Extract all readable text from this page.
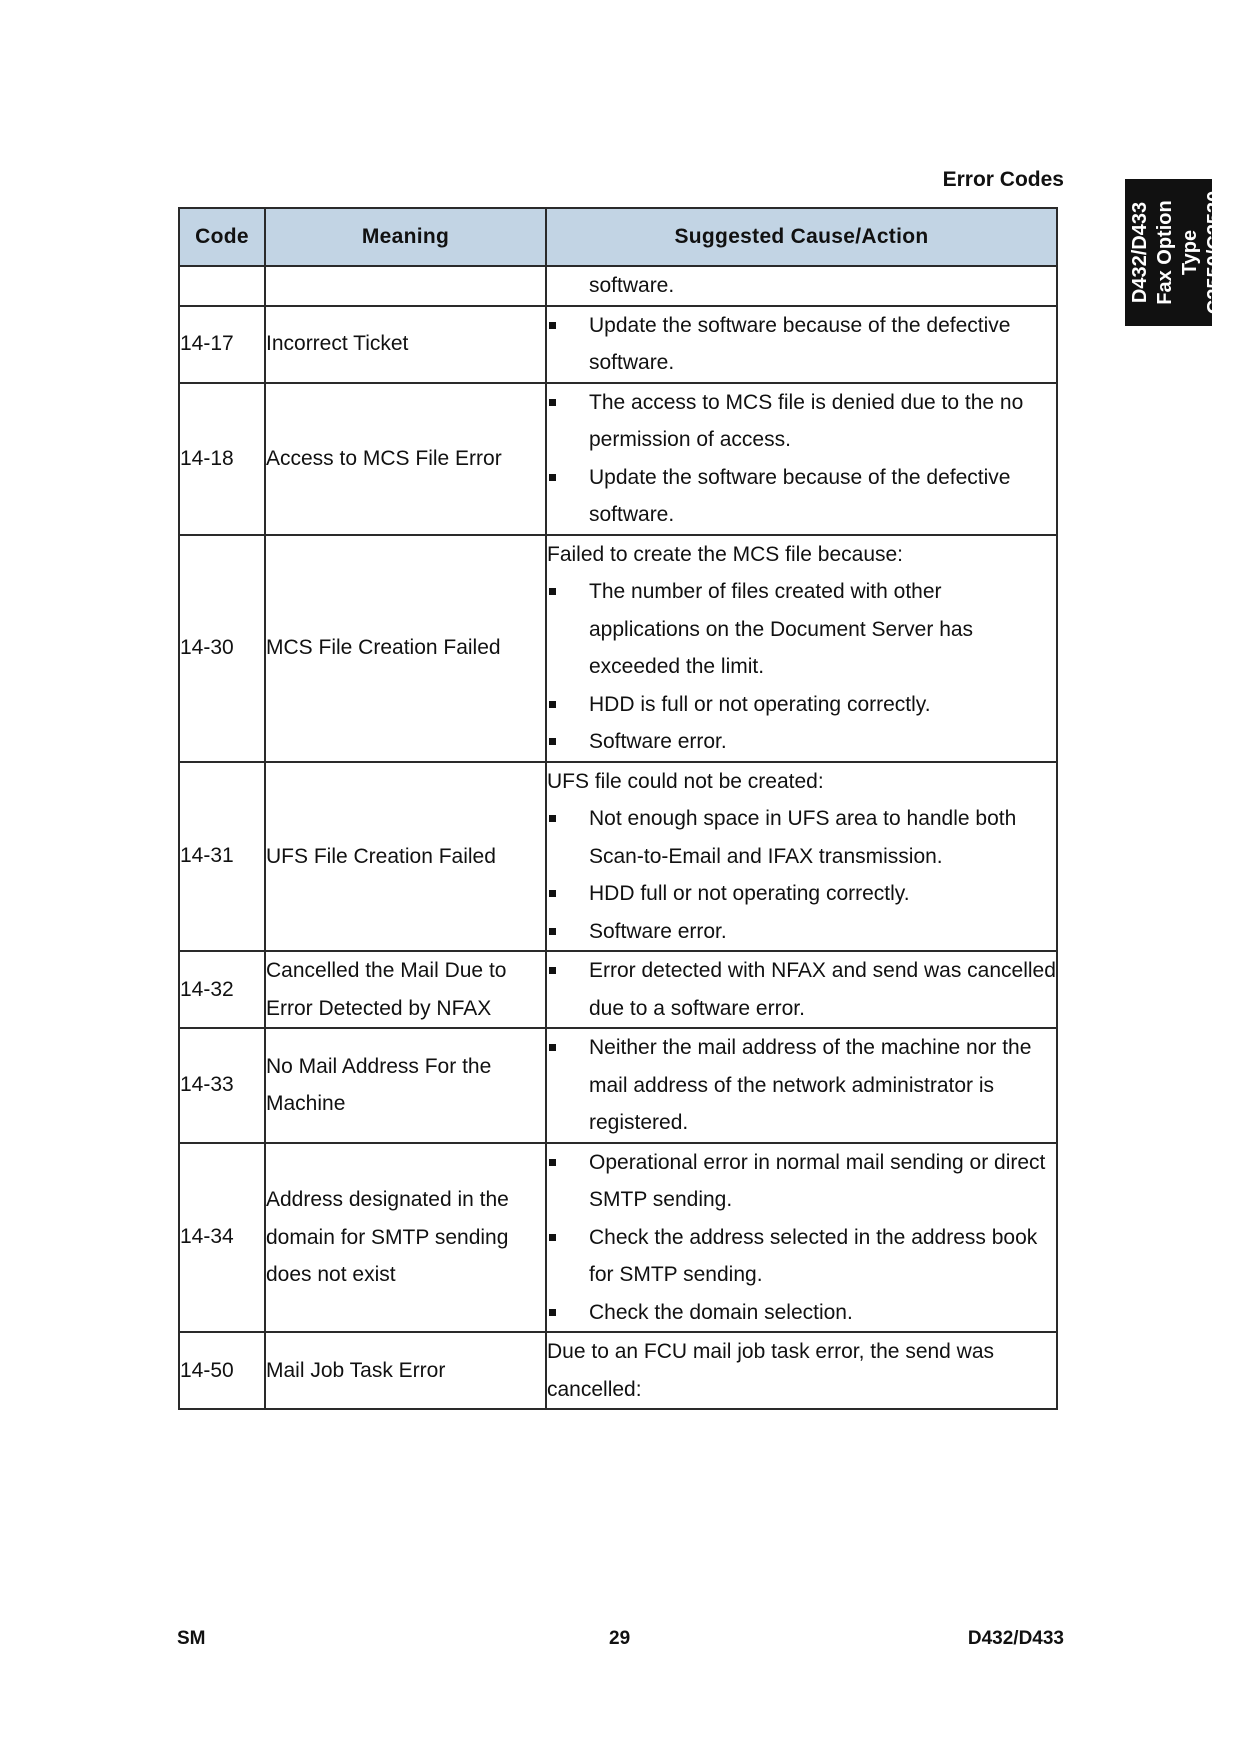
Error Codes
D432/D433 Fax Option Type C2550/C2530
Code	Meaning	Suggested Cause/Action

		software.

14-17	Incorrect Ticket	Update the software because of the defective software.

14-18	Access to MCS File Error	The access to MCS file is denied due to the no permission of access.
Update the software because of the defective software.

14-30	MCS File Creation Failed	Failed to create the MCS file because:
The number of files created with other applications on the Document Server has exceeded the limit.
HDD is full or not operating correctly.
Software error.

14-31	UFS File Creation Failed	UFS file could not be created:
Not enough space in UFS area to handle both Scan-to-Email and IFAX transmission.
HDD full or not operating correctly.
Software error.

14-32	Cancelled the Mail Due to Error Detected by NFAX	Error detected with NFAX and send was cancelled due to a software error.

14-33	No Mail Address For the Machine	Neither the mail address of the machine nor the mail address of the network administrator is registered.

14-34	Address designated in the domain for SMTP sending does not exist	Operational error in normal mail sending or direct SMTP sending.
Check the address selected in the address book for SMTP sending.
Check the domain selection.

14-50	Mail Job Task Error	Due to an FCU mail job task error, the send was cancelled:
SM	29	D432/D433
